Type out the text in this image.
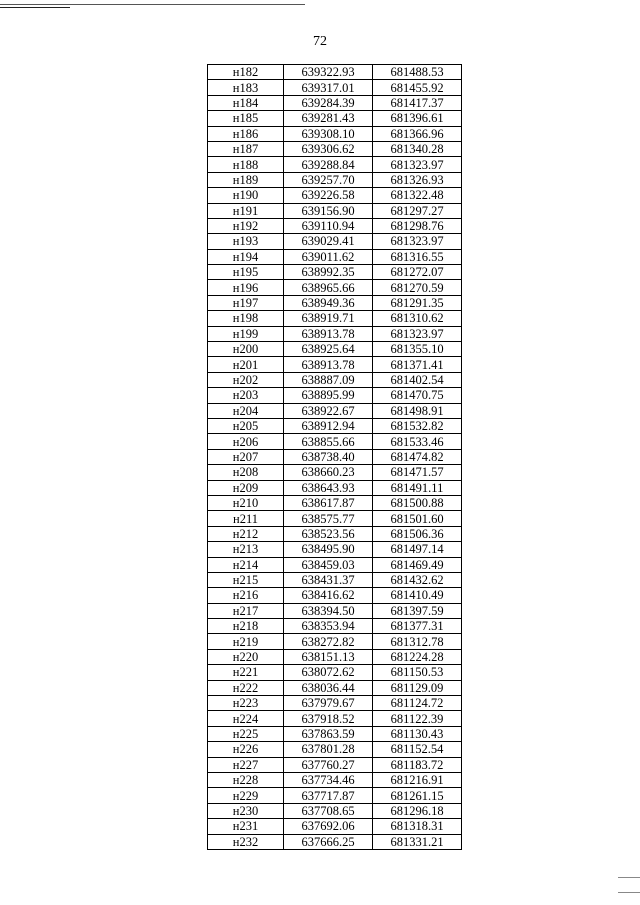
72
н182	639322.93	681488.53
н183	639317.01	681455.92
н184	639284.39	681417.37
н185	639281.43	681396.61
н186	639308.10	681366.96
н187	639306.62	681340.28
н188	639288.84	681323.97
н189	639257.70	681326.93
н190	639226.58	681322.48
н191	639156.90	681297.27
н192	639110.94	681298.76
н193	639029.41	681323.97
н194	639011.62	681316.55
н195	638992.35	681272.07
н196	638965.66	681270.59
н197	638949.36	681291.35
н198	638919.71	681310.62
н199	638913.78	681323.97
н200	638925.64	681355.10
н201	638913.78	681371.41
н202	638887.09	681402.54
н203	638895.99	681470.75
н204	638922.67	681498.91
н205	638912.94	681532.82
н206	638855.66	681533.46
н207	638738.40	681474.82
н208	638660.23	681471.57
н209	638643.93	681491.11
н210	638617.87	681500.88
н211	638575.77	681501.60
н212	638523.56	681506.36
н213	638495.90	681497.14
н214	638459.03	681469.49
н215	638431.37	681432.62
н216	638416.62	681410.49
н217	638394.50	681397.59
н218	638353.94	681377.31
н219	638272.82	681312.78
н220	638151.13	681224.28
н221	638072.62	681150.53
н222	638036.44	681129.09
н223	637979.67	681124.72
н224	637918.52	681122.39
н225	637863.59	681130.43
н226	637801.28	681152.54
н227	637760.27	681183.72
н228	637734.46	681216.91
н229	637717.87	681261.15
н230	637708.65	681296.18
н231	637692.06	681318.31
н232	637666.25	681331.21
